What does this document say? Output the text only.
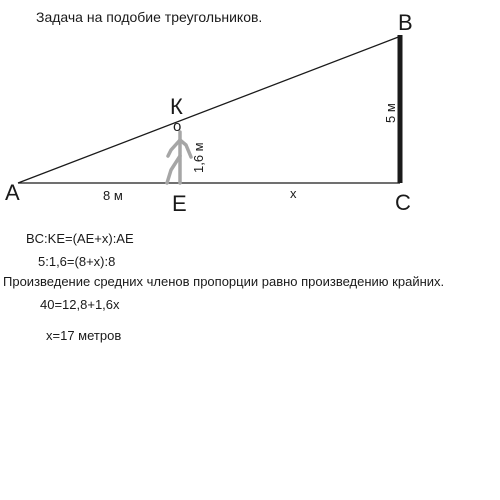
Задача на подобие треугольников.
A
B
C
К
E
o
8 м	x
5 м
1,6 м
BC:KE=(AE+x):AE
5:1,6=(8+x):8
Произведение средних членов пропорции равно произведению крайних.
40=12,8+1,6x
x=17 метров
